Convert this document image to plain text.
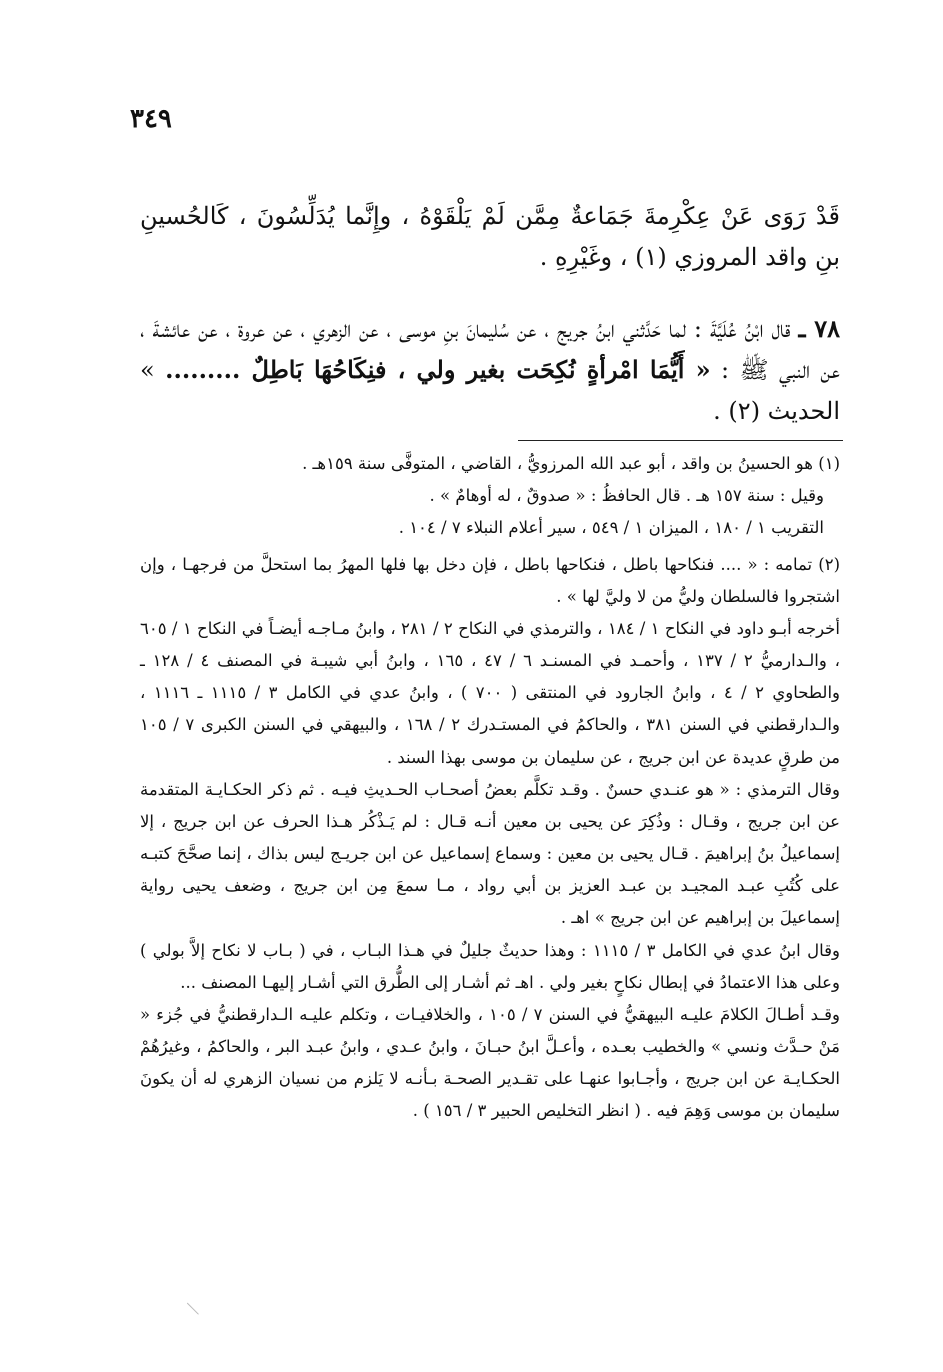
٣٤٩

قَدْ رَوَى عَنْ عِكْرِمةَ جَمَاعةٌ مِمَّن لَمْ يَلْقَوْهُ ، وإِنَّما يُدَلِّسُونَ ، كَالحُسينِ بنِ واقد المروزي (١) ، وغَيْرِهِ .

٧٨ ـ قال ابْنُ عُلَيَّةَ : لما حَدَّثني ابنُ جريج ، عن سُليمانَ بنِ موسى ، عن الزهري ، عن عروة ، عن عائشةَ ، عن النبي ﷺ : « أَيُّمَا امْرأةٍ نُكِحَت بغير ولي ، فنِكَاحُهَا بَاطِلٌ ......... » الحديث (٢) .

(١) هو الحسينُ بن واقد ، أبو عبد الله المرزويُّ ، القاضي ، المتوفَّى سنة ١٥٩هـ .

وقيل : سنة ١٥٧ هـ . قال الحافظُ : « صدوقٌ ، له أوهامٌ » .

التقريب ١ / ١٨٠ ، الميزان ١ / ٥٤٩ ، سير أعلام النبلاء ٧ / ١٠٤ .

(٢) تمامه : « .... فنكاحها باطل ، فنكاحها باطل ، فإن دخل بها فلها المهرُ بما استحلَّ من فرجهـا ، وإن اشتجروا فالسلطان وليُّ من لا وليَّ لها » .

أخرجه أبـو داود في النكاح ١ / ١٨٤ ، والترمذي في النكاح ٢ / ٢٨١ ، وابنُ مـاجـه أيضـاً في النكاح ١ / ٦٠٥ ، والـدارميُّ ٢ / ١٣٧ ، وأحمـد في المسنـد ٦ / ٤٧ ، ١٦٥ ، وابنُ أبي شيبـة في المصنف ٤ / ١٢٨ ـ والطحاوي ٢ / ٤ ، وابنُ الجارود في المنتقى ( ٧٠٠ ) ، وابنُ عدي في الكامل ٣ / ١١١٥ ـ ١١١٦ ، والـدارقطني في السنن ٣٨١ ، والحاكمُ في المستـدرك ٢ / ١٦٨ ، والبيهقي في السنن الكبرى ٧ / ١٠٥ من طرقٍ عديدة عن ابن جريج ، عن سليمان بن موسى بهذا السند .

وقال الترمذي : « هو عنـدي حسنٌ . وقـد تكلَّم بعضُ أصحـاب الحـديثِ فيـه . ثم ذكر الحكـايـة المتقدمة عن ابن جريج ، وقـال : وذُكِرَ عن يحيى بن معين أنـه قـال : لم يَـذْكُر هـذا الحرف عن ابن جريج ، إلا إسماعيلُ بنُ إبراهيمَ . قـال يحيى بن معين : وسماع إسماعيل عن ابن جريـج ليس بذاك ، إنما صحَّحَ كتبـه على كُتُبِ عبـد المجيـد بن عبـد العزيز بن أبي رواد ، مـا سمعَ مِن ابن جريج ، وضعف يحيى رواية إسماعيلَ بن إبراهيم عن ابن جريج » اهـ .

وقال ابنُ عدي في الكامل ٣ / ١١١٥ : وهذا حديثٌ جليلٌ في هـذا البـاب ، في ( بـاب لا نكاح إلاَّ بولي ) وعلى هذا الاعتمادُ في إبطال نكاحٍ بغير ولي . اهـ ثم أشـار إلى الطُّرق التي أشـار إليهـا المصنف ...

وقـد أطـالَ الكلامَ عليـه البيهقيُّ في السنن ٧ / ١٠٥ ، والخلافيـات ، وتكلم عليـه الـدارقطنيُّ في جُزء « مَنْ حـدَّث ونسي » والخطيب بعـده ، وأعـلَّ ابنُ حبـانَ ، وابنُ عـدي ، وابنُ عبـد البر ، والحاكمُ ، وغيرُهُمْ الحكـايـة عن ابن جريج ، وأجـابوا عنهـا على تقـدير الصحـة بـأنـه لا يَلزم من نسيان الزهري له أن يكونَ سليمان بن موسى وَهِمَ فيه . ( انظر التخليص الحبير ٣ / ١٥٦ ) .
